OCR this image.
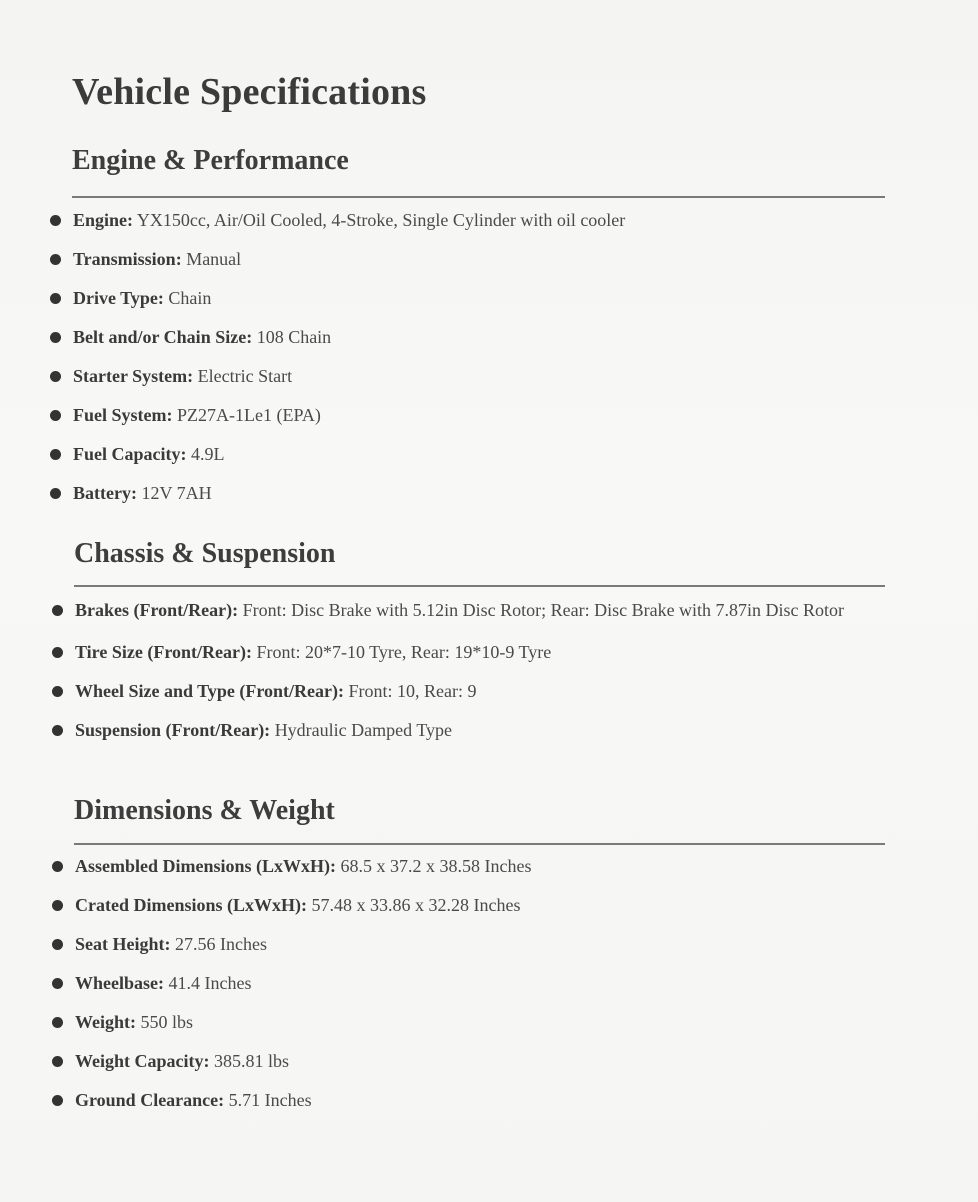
Vehicle Specifications
Engine & Performance
Engine: YX150cc, Air/Oil Cooled, 4-Stroke, Single Cylinder with oil cooler
Transmission: Manual
Drive Type: Chain
Belt and/or Chain Size: 108 Chain
Starter System: Electric Start
Fuel System: PZ27A-1Le1 (EPA)
Fuel Capacity: 4.9L
Battery: 12V 7AH
Chassis & Suspension
Brakes (Front/Rear): Front: Disc Brake with 5.12in Disc Rotor; Rear: Disc Brake with 7.87in Disc Rotor
Tire Size (Front/Rear): Front: 20*7-10 Tyre, Rear: 19*10-9 Tyre
Wheel Size and Type (Front/Rear): Front: 10, Rear: 9
Suspension (Front/Rear): Hydraulic Damped Type
Dimensions & Weight
Assembled Dimensions (LxWxH): 68.5 x 37.2 x 38.58 Inches
Crated Dimensions (LxWxH): 57.48 x 33.86 x 32.28 Inches
Seat Height: 27.56 Inches
Wheelbase: 41.4 Inches
Weight: 550 lbs
Weight Capacity: 385.81 lbs
Ground Clearance: 5.71 Inches
